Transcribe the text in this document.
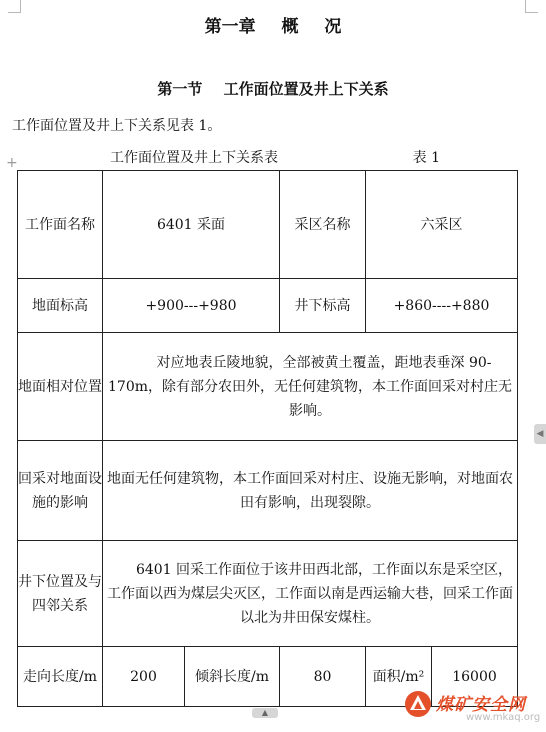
第一章 概 况
第一节 工作面位置及井上下关系
工作面位置及井上下关系见表 1。
+	工作面位置及井上下关系表	表 1
工作面名称	6401 采面		采区名称	六采区	
地面标高	+900---+980		井下标高	+860----+880	
地面相对位置	对应地表丘陵地貌，全部被黄土覆盖，距地表垂深 90-170m，除有部分农田外，无任何建筑物，本工作面回采对村庄无影响。				

回采对地面设施的影响	地面无任何建筑物，本工作面回采对村庄、设施无影响，对地面农田有影响，出现裂隙。				

井下位置及与四邻关系	6401 回采工作面位于该井田西北部，工作面以东是采空区，工作面以西为煤层尖灭区，工作面以南是西运输大巷，回采工作面以北为井田保安煤柱。				

走向长度/m	200	倾斜长度/m	80	面积/m²	16000
◀
▲	煤矿安全网
www.mkaq.org
